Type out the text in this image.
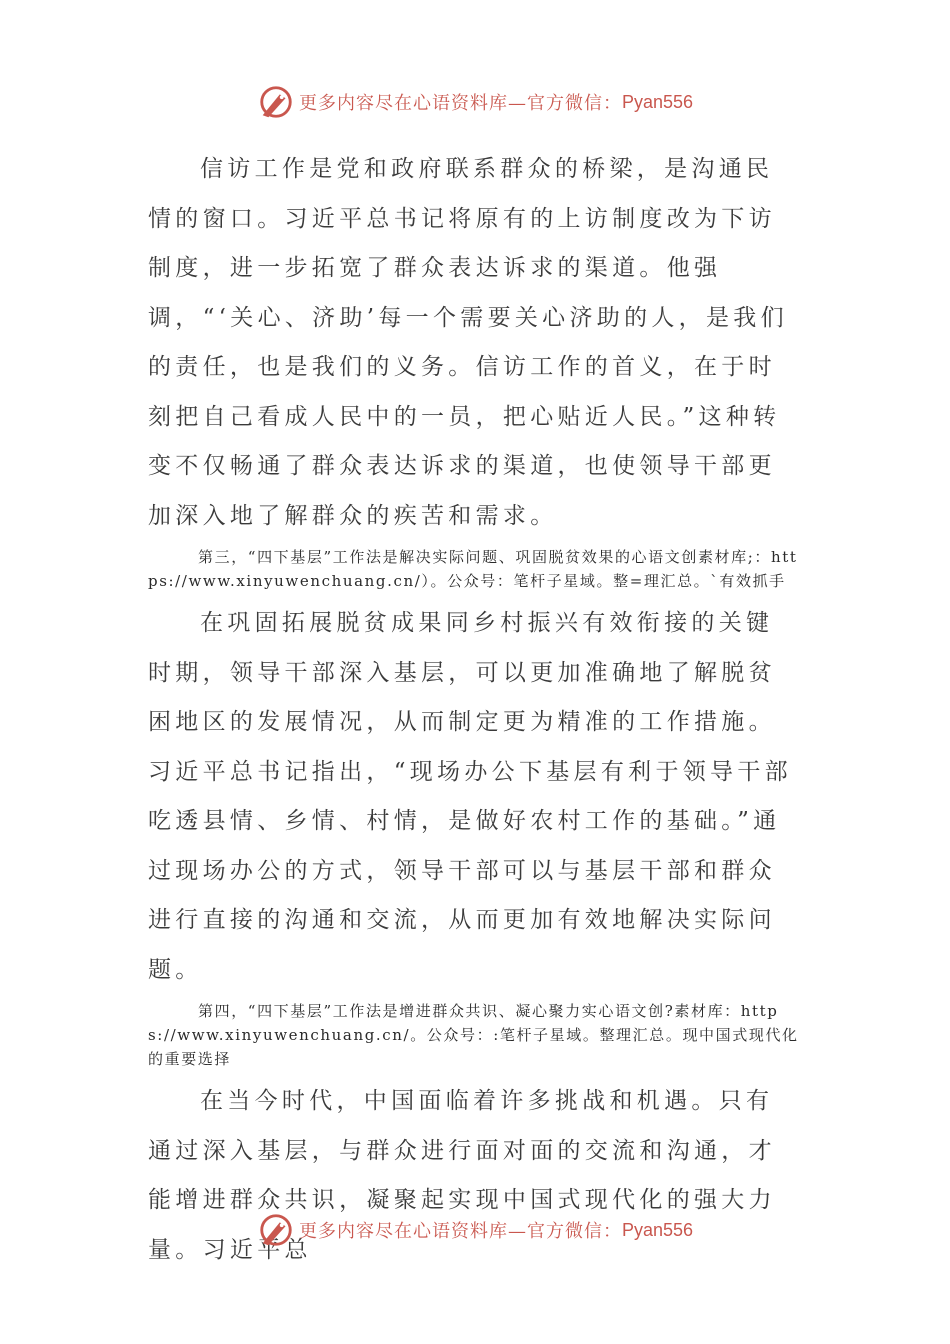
更多内容尽在心语资料库—官方微信： Pyan556

信访工作是党和政府联系群众的桥梁，是沟通民情的窗口。习近平总书记将原有的上访制度改为下访制度，进一步拓宽了群众表达诉求的渠道。他强调，“‘关心、济助’每一个需要关心济助的人，是我们的责任，也是我们的义务。信访工作的首义，在于时刻把自己看成人民中的一员，把心贴近人民。”这种转变不仅畅通了群众表达诉求的渠道，也使领导干部更加深入地了解群众的疾苦和需求。

第三，“四下基层”工作法是解决实际问题、巩固脱贫效果的心语文创素材库;：https://www.xinyuwenchuang.cn/）。公众号：笔杆子星域。整=理汇总。`有效抓手

在巩固拓展脱贫成果同乡村振兴有效衔接的关键时期，领导干部深入基层，可以更加准确地了解脱贫困地区的发展情况，从而制定更为精准的工作措施。习近平总书记指出，“现场办公下基层有利于领导干部吃透县情、乡情、村情，是做好农村工作的基础。”通过现场办公的方式，领导干部可以与基层干部和群众进行直接的沟通和交流，从而更加有效地解决实际问题。

第四，“四下基层”工作法是增进群众共识、凝心聚力实心语文创?素材库：https://www.xinyuwenchuang.cn/。公众号：:笔杆子星域。整理汇总。现中国式现代化的重要选择

在当今时代，中国面临着许多挑战和机遇。只有通过深入基层，与群众进行面对面的交流和沟通，才能增进群众共识，凝聚起实现中国式现代化的强大力量。习近平总

更多内容尽在心语资料库—官方微信： Pyan556
